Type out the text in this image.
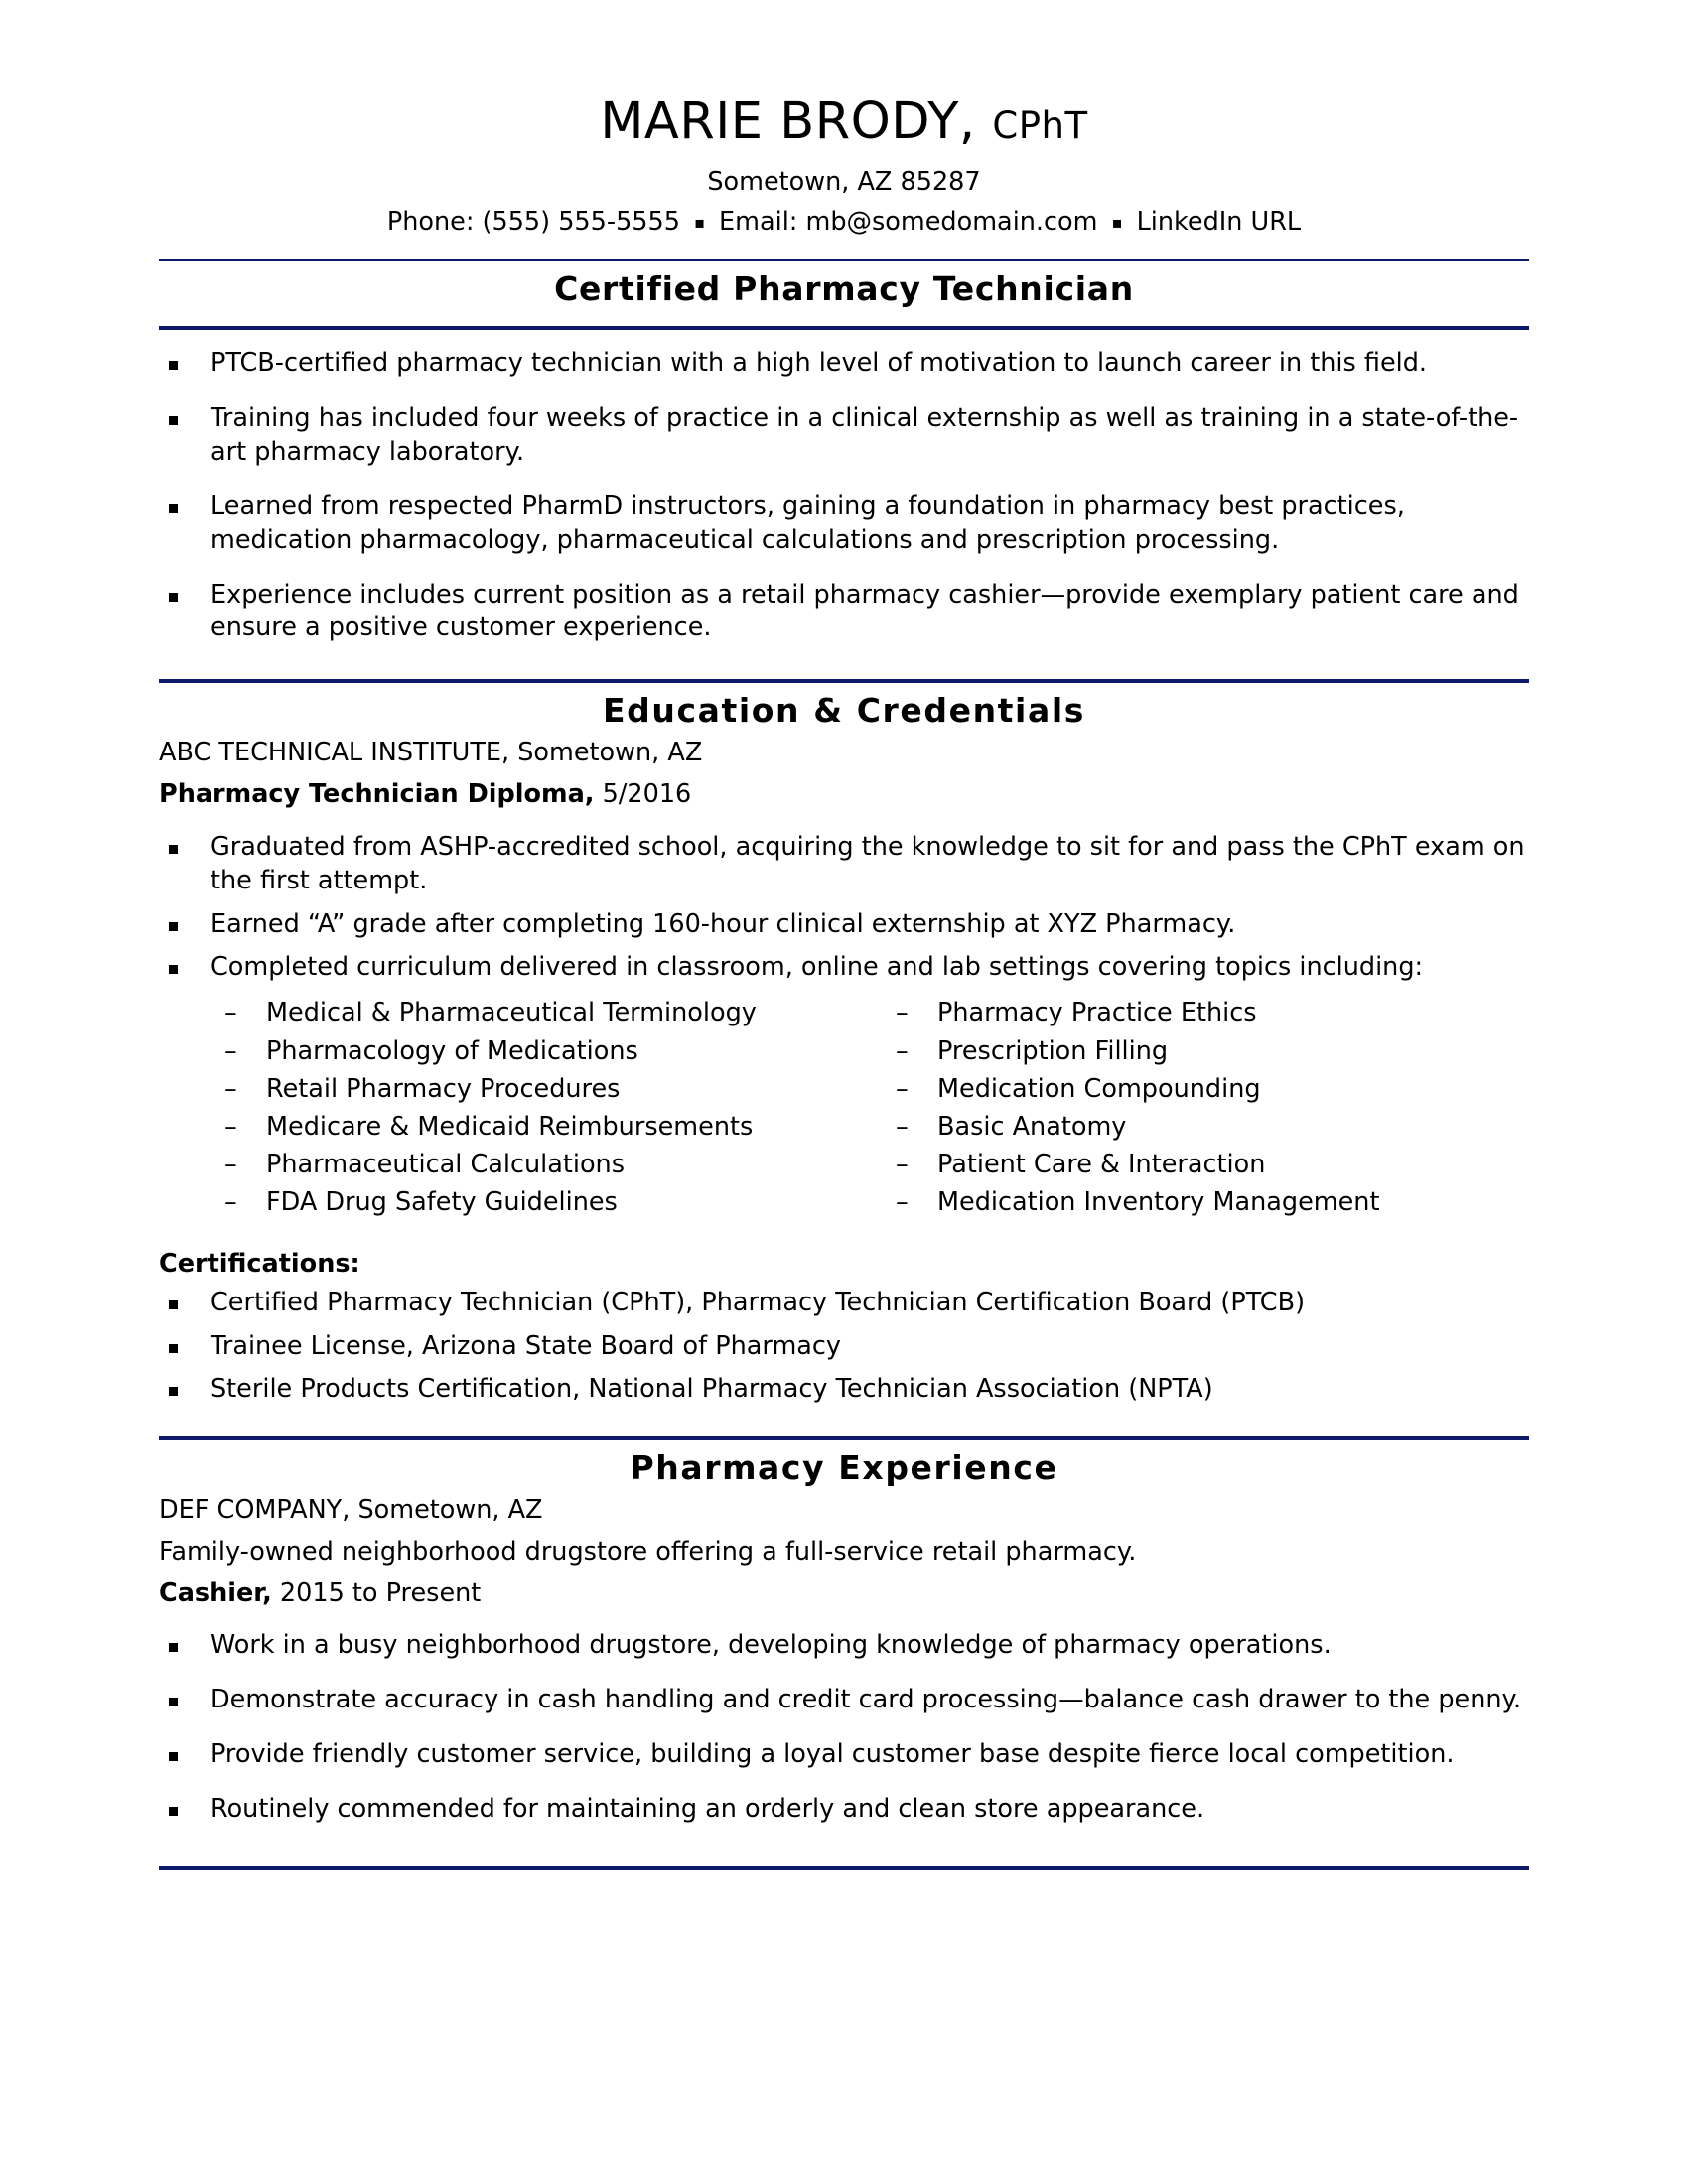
MARIE BRODY, CPhT
Sometown, AZ 85287
Phone: (555) 555-5555 ▪ Email: mb@somedomain.com ▪ LinkedIn URL
Certified Pharmacy Technician
PTCB-certified pharmacy technician with a high level of motivation to launch career in this field.
Training has included four weeks of practice in a clinical externship as well as training in a state-of-the-art pharmacy laboratory.
Learned from respected PharmD instructors, gaining a foundation in pharmacy best practices, medication pharmacology, pharmaceutical calculations and prescription processing.
Experience includes current position as a retail pharmacy cashier—provide exemplary patient care and ensure a positive customer experience.
Education & Credentials
ABC TECHNICAL INSTITUTE, Sometown, AZ
Pharmacy Technician Diploma, 5/2016
Graduated from ASHP-accredited school, acquiring the knowledge to sit for and pass the CPhT exam on the first attempt.
Earned “A” grade after completing 160-hour clinical externship at XYZ Pharmacy.
Completed curriculum delivered in classroom, online and lab settings covering topics including:
– Medical & Pharmaceutical Terminology
– Pharmacology of Medications
– Retail Pharmacy Procedures
– Medicare & Medicaid Reimbursements
– Pharmaceutical Calculations
– FDA Drug Safety Guidelines
– Pharmacy Practice Ethics
– Prescription Filling
– Medication Compounding
– Basic Anatomy
– Patient Care & Interaction
– Medication Inventory Management
Certifications:
Certified Pharmacy Technician (CPhT), Pharmacy Technician Certification Board (PTCB)
Trainee License, Arizona State Board of Pharmacy
Sterile Products Certification, National Pharmacy Technician Association (NPTA)
Pharmacy Experience
DEF COMPANY, Sometown, AZ
Family-owned neighborhood drugstore offering a full-service retail pharmacy.
Cashier, 2015 to Present
Work in a busy neighborhood drugstore, developing knowledge of pharmacy operations.
Demonstrate accuracy in cash handling and credit card processing—balance cash drawer to the penny.
Provide friendly customer service, building a loyal customer base despite fierce local competition.
Routinely commended for maintaining an orderly and clean store appearance.
